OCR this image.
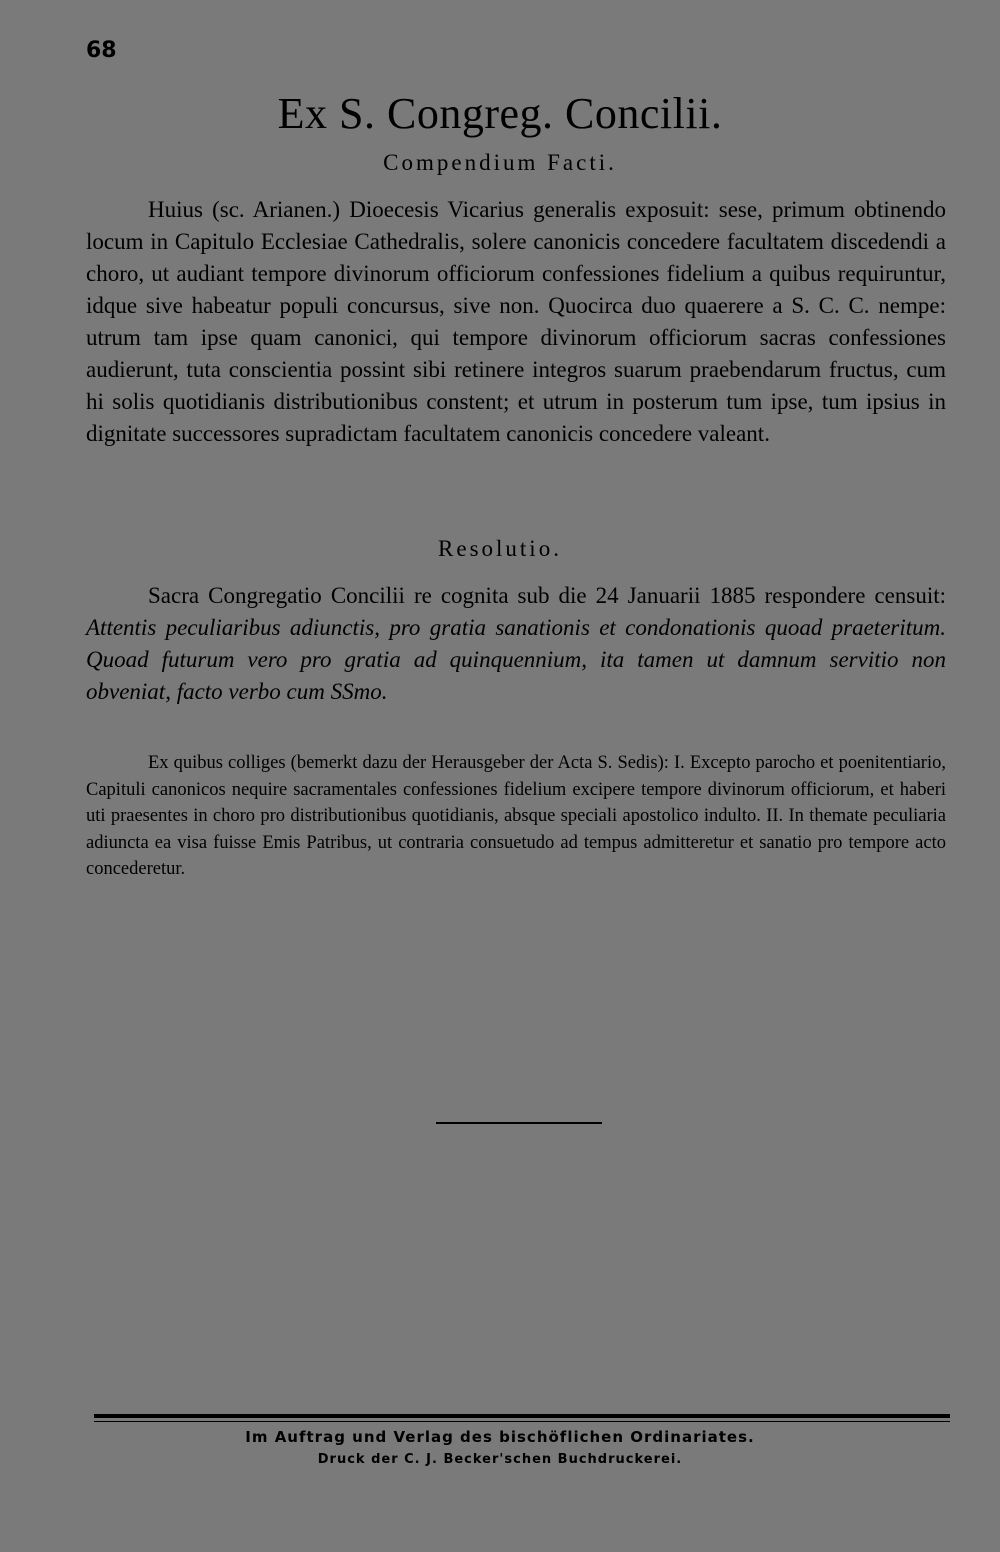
68
Ex S. Congreg. Concilii.
Compendium Facti.
Huius (sc. Arianen.) Dioecesis Vicarius generalis exposuit: sese, primum obtinendo locum in Capitulo Ecclesiae Cathedralis, solere canonicis concedere facultatem discedendi a choro, ut audiant tempore divinorum officiorum confessiones fidelium a quibus requiruntur, idque sive habeatur populi concursus, sive non. Quocirca duo quaerere a S. C. C. nempe: utrum tam ipse quam canonici, qui tempore divinorum officiorum sacras confessiones audierunt, tuta conscientia possint sibi retinere integros suarum praebendarum fructus, cum hi solis quotidianis distributionibus constent; et utrum in posterum tum ipse, tum ipsius in dignitate successores supradictam facultatem canonicis concedere valeant.
Resolutio.
Sacra Congregatio Concilii re cognita sub die 24 Januarii 1885 respondere censuit: Attentis peculiaribus adiunctis, pro gratia sanationis et condonationis quoad praeteritum. Quoad futurum vero pro gratia ad quinquennium, ita tamen ut damnum servitio non obveniat, facto verbo cum SSmo.
Ex quibus colliges (bemerkt dazu der Herausgeber der Acta S. Sedis): I. Excepto parocho et poenitentiario, Capituli canonicos nequire sacramentales confessiones fidelium excipere tempore divinorum officiorum, et haberi uti praesentes in choro pro distributionibus quotidianis, absque speciali apostolico indulto. II. In themate peculiaria adiuncta ea visa fuisse Emis Patribus, ut contraria consuetudo ad tempus admitteretur et sanatio pro tempore acto concederetur.
Im Auftrag und Verlag des bischöflichen Ordinariates.
Druck der C. J. Becker'schen Buchdruckerei.
